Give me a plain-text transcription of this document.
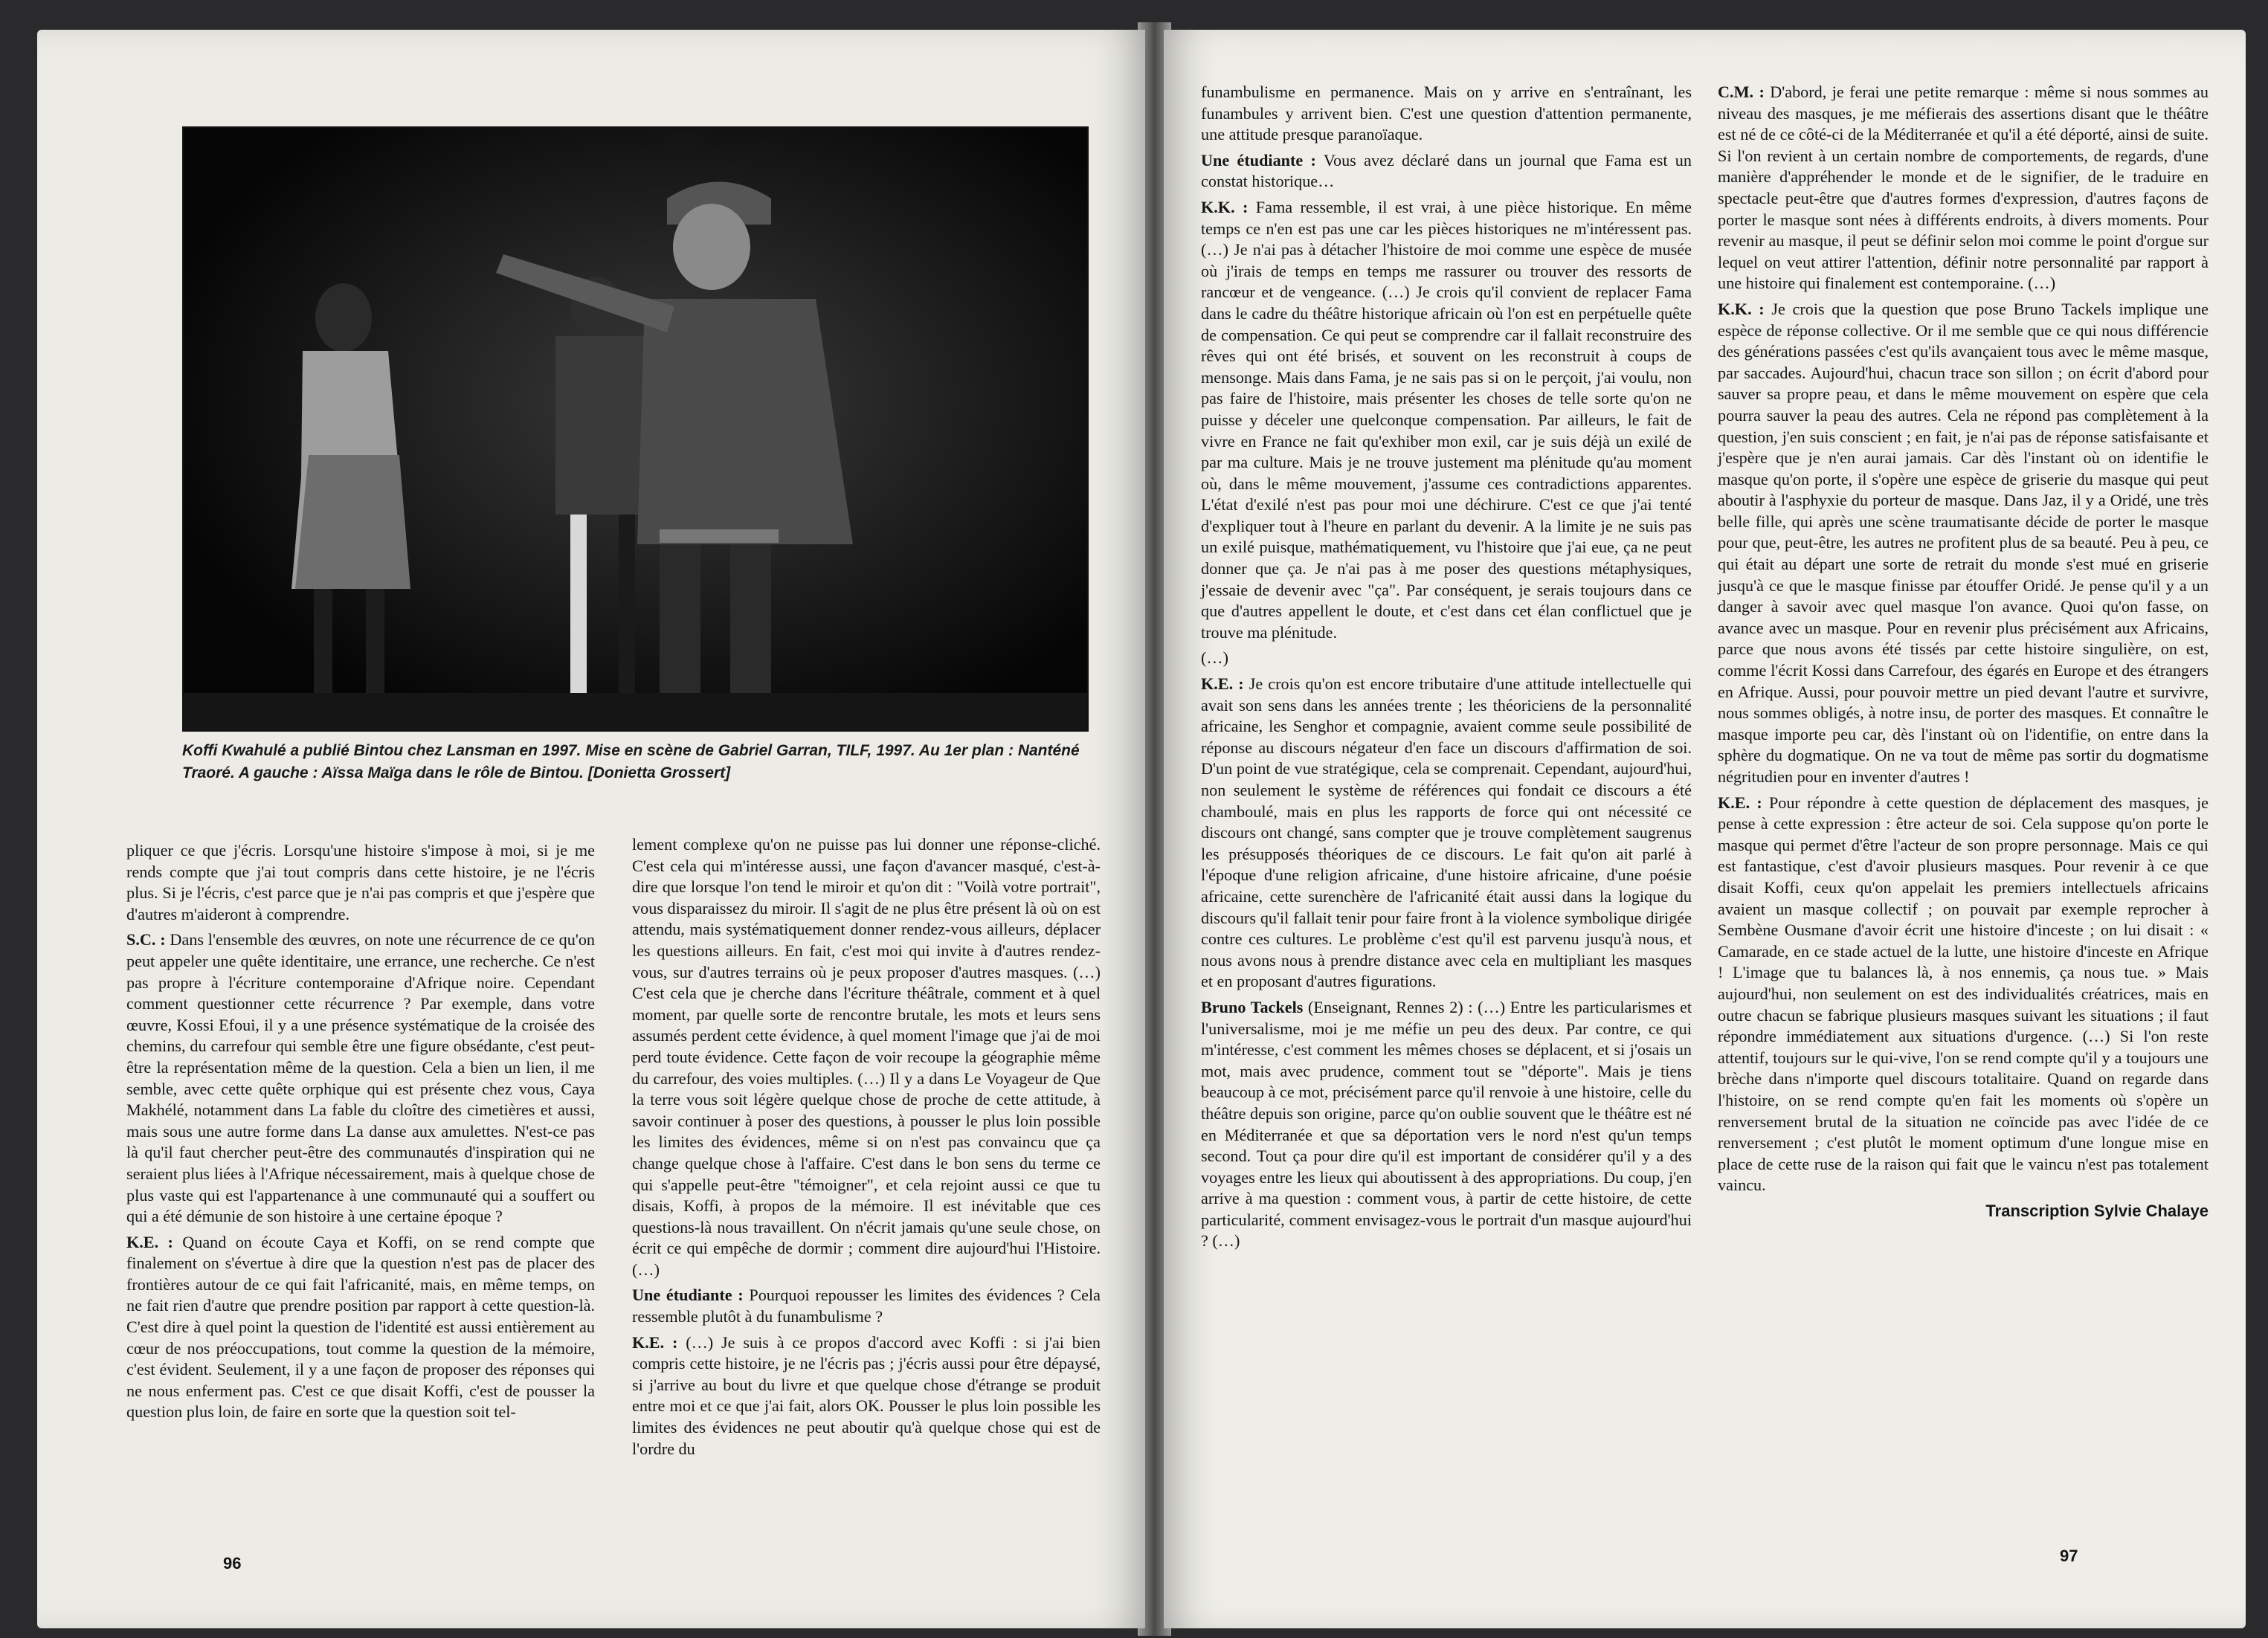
Koffi Kwahulé a publié Bintou chez Lansman en 1997. Mise en scène de Gabriel Garran, TILF, 1997. Au 1er plan : Nanténé Traoré. A gauche : Aïssa Maïga dans le rôle de Bintou. [Donietta Grossert]

pliquer ce que j'écris. Lorsqu'une histoire s'impose à moi, si je me rends compte que j'ai tout compris dans cette histoire, je ne l'écris plus. Si je l'écris, c'est parce que je n'ai pas compris et que j'espère que d'autres m'aideront à comprendre.

S.C. : Dans l'ensemble des œuvres, on note une récurrence de ce qu'on peut appeler une quête identitaire, une errance, une recherche. Ce n'est pas propre à l'écriture contemporaine d'Afrique noire. Cependant comment questionner cette récurrence ? Par exemple, dans votre œuvre, Kossi Efoui, il y a une présence systématique de la croisée des chemins, du carrefour qui semble être une figure obsédante, c'est peut-être la représentation même de la question. Cela a bien un lien, il me semble, avec cette quête orphique qui est présente chez vous, Caya Makhélé, notamment dans La fable du cloître des cimetières et aussi, mais sous une autre forme dans La danse aux amulettes. N'est-ce pas là qu'il faut chercher peut-être des communautés d'inspiration qui ne seraient plus liées à l'Afrique nécessairement, mais à quelque chose de plus vaste qui est l'appartenance à une communauté qui a souffert ou qui a été démunie de son histoire à une certaine époque ?

K.E. : Quand on écoute Caya et Koffi, on se rend compte que finalement on s'évertue à dire que la question n'est pas de placer des frontières autour de ce qui fait l'africanité, mais, en même temps, on ne fait rien d'autre que prendre position par rapport à cette question-là. C'est dire à quel point la question de l'identité est aussi entièrement au cœur de nos préoccupations, tout comme la question de la mémoire, c'est évident. Seulement, il y a une façon de proposer des réponses qui ne nous enferment pas. C'est ce que disait Koffi, c'est de pousser la question plus loin, de faire en sorte que la question soit tel-

lement complexe qu'on ne puisse pas lui donner une réponse-cliché. C'est cela qui m'intéresse aussi, une façon d'avancer masqué, c'est-à-dire que lorsque l'on tend le miroir et qu'on dit : "Voilà votre portrait", vous disparaissez du miroir. Il s'agit de ne plus être présent là où on est attendu, mais systématiquement donner rendez-vous ailleurs, déplacer les questions ailleurs. En fait, c'est moi qui invite à d'autres rendez-vous, sur d'autres terrains où je peux proposer d'autres masques. (…) C'est cela que je cherche dans l'écriture théâtrale, comment et à quel moment, par quelle sorte de rencontre brutale, les mots et leurs sens assumés perdent cette évidence, à quel moment l'image que j'ai de moi perd toute évidence. Cette façon de voir recoupe la géographie même du carrefour, des voies multiples. (…) Il y a dans Le Voyageur de Que la terre vous soit légère quelque chose de proche de cette attitude, à savoir continuer à poser des questions, à pousser le plus loin possible les limites des évidences, même si on n'est pas convaincu que ça change quelque chose à l'affaire. C'est dans le bon sens du terme ce qui s'appelle peut-être "témoigner", et cela rejoint aussi ce que tu disais, Koffi, à propos de la mémoire. Il est inévitable que ces questions-là nous travaillent. On n'écrit jamais qu'une seule chose, on écrit ce qui empêche de dormir ; comment dire aujourd'hui l'Histoire. (…)

Une étudiante : Pourquoi repousser les limites des évidences ? Cela ressemble plutôt à du funambulisme ?

K.E. : (…) Je suis à ce propos d'accord avec Koffi : si j'ai bien compris cette histoire, je ne l'écris pas ; j'écris aussi pour être dépaysé, si j'arrive au bout du livre et que quelque chose d'étrange se produit entre moi et ce que j'ai fait, alors OK. Pousser le plus loin possible les limites des évidences ne peut aboutir qu'à quelque chose qui est de l'ordre du

96

funambulisme en permanence. Mais on y arrive en s'entraînant, les funambules y arrivent bien. C'est une question d'attention permanente, une attitude presque paranoïaque.

Une étudiante : Vous avez déclaré dans un journal que Fama est un constat historique…

K.K. : Fama ressemble, il est vrai, à une pièce historique. En même temps ce n'en est pas une car les pièces historiques ne m'intéressent pas. (…) Je n'ai pas à détacher l'histoire de moi comme une espèce de musée où j'irais de temps en temps me rassurer ou trouver des ressorts de rancœur et de vengeance. (…) Je crois qu'il convient de replacer Fama dans le cadre du théâtre historique africain où l'on est en perpétuelle quête de compensation. Ce qui peut se comprendre car il fallait reconstruire des rêves qui ont été brisés, et souvent on les reconstruit à coups de mensonge. Mais dans Fama, je ne sais pas si on le perçoit, j'ai voulu, non pas faire de l'histoire, mais présenter les choses de telle sorte qu'on ne puisse y déceler une quelconque compensation. Par ailleurs, le fait de vivre en France ne fait qu'exhiber mon exil, car je suis déjà un exilé de par ma culture. Mais je ne trouve justement ma plénitude qu'au moment où, dans le même mouvement, j'assume ces contradictions apparentes. L'état d'exilé n'est pas pour moi une déchirure. C'est ce que j'ai tenté d'expliquer tout à l'heure en parlant du devenir. A la limite je ne suis pas un exilé puisque, mathématiquement, vu l'histoire que j'ai eue, ça ne peut donner que ça. Je n'ai pas à me poser des questions métaphysiques, j'essaie de devenir avec "ça". Par conséquent, je serais toujours dans ce que d'autres appellent le doute, et c'est dans cet élan conflictuel que je trouve ma plénitude.

(…)

K.E. : Je crois qu'on est encore tributaire d'une attitude intellectuelle qui avait son sens dans les années trente ; les théoriciens de la personnalité africaine, les Senghor et compagnie, avaient comme seule possibilité de réponse au discours négateur d'en face un discours d'affirmation de soi. D'un point de vue stratégique, cela se comprenait. Cependant, aujourd'hui, non seulement le système de références qui fondait ce discours a été chamboulé, mais en plus les rapports de force qui ont nécessité ce discours ont changé, sans compter que je trouve complètement saugrenus les présupposés théoriques de ce discours. Le fait qu'on ait parlé à l'époque d'une religion africaine, d'une histoire africaine, d'une poésie africaine, cette surenchère de l'africanité était aussi dans la logique du discours qu'il fallait tenir pour faire front à la violence symbolique dirigée contre ces cultures. Le problème c'est qu'il est parvenu jusqu'à nous, et nous avons nous à prendre distance avec cela en multipliant les masques et en proposant d'autres figurations.

Bruno Tackels (Enseignant, Rennes 2) : (…) Entre les particularismes et l'universalisme, moi je me méfie un peu des deux. Par contre, ce qui m'intéresse, c'est comment les mêmes choses se déplacent, et si j'osais un mot, mais avec prudence, comment tout se "déporte". Mais je tiens beaucoup à ce mot, précisément parce qu'il renvoie à une histoire, celle du théâtre depuis son origine, parce qu'on oublie souvent que le théâtre est né en Méditerranée et que sa déportation vers le nord n'est qu'un temps second. Tout ça pour dire qu'il est important de considérer qu'il y a des voyages entre les lieux qui aboutissent à des appropriations. Du coup, j'en arrive à ma question : comment vous, à partir de cette histoire, de cette particularité, comment envisagez-vous le portrait d'un masque aujourd'hui ? (…)

C.M. : D'abord, je ferai une petite remarque : même si nous sommes au niveau des masques, je me méfierais des assertions disant que le théâtre est né de ce côté-ci de la Méditerranée et qu'il a été déporté, ainsi de suite. Si l'on revient à un certain nombre de comportements, de regards, d'une manière d'appréhender le monde et de le signifier, de le traduire en spectacle peut-être que d'autres formes d'expression, d'autres façons de porter le masque sont nées à différents endroits, à divers moments. Pour revenir au masque, il peut se définir selon moi comme le point d'orgue sur lequel on veut attirer l'attention, définir notre personnalité par rapport à une histoire qui finalement est contemporaine. (…)

K.K. : Je crois que la question que pose Bruno Tackels implique une espèce de réponse collective. Or il me semble que ce qui nous différencie des générations passées c'est qu'ils avançaient tous avec le même masque, par saccades. Aujourd'hui, chacun trace son sillon ; on écrit d'abord pour sauver sa propre peau, et dans le même mouvement on espère que cela pourra sauver la peau des autres. Cela ne répond pas complètement à la question, j'en suis conscient ; en fait, je n'ai pas de réponse satisfaisante et j'espère que je n'en aurai jamais. Car dès l'instant où on identifie le masque qu'on porte, il s'opère une espèce de griserie du masque qui peut aboutir à l'asphyxie du porteur de masque. Dans Jaz, il y a Oridé, une très belle fille, qui après une scène traumatisante décide de porter le masque pour que, peut-être, les autres ne profitent plus de sa beauté. Peu à peu, ce qui était au départ une sorte de retrait du monde s'est mué en griserie jusqu'à ce que le masque finisse par étouffer Oridé. Je pense qu'il y a un danger à savoir avec quel masque l'on avance. Quoi qu'on fasse, on avance avec un masque. Pour en revenir plus précisément aux Africains, parce que nous avons été tissés par cette histoire singulière, on est, comme l'écrit Kossi dans Carrefour, des égarés en Europe et des étrangers en Afrique. Aussi, pour pouvoir mettre un pied devant l'autre et survivre, nous sommes obligés, à notre insu, de porter des masques. Et connaître le masque importe peu car, dès l'instant où on l'identifie, on entre dans la sphère du dogmatique. On ne va tout de même pas sortir du dogmatisme négritudien pour en inventer d'autres !

K.E. : Pour répondre à cette question de déplacement des masques, je pense à cette expression : être acteur de soi. Cela suppose qu'on porte le masque qui permet d'être l'acteur de son propre personnage. Mais ce qui est fantastique, c'est d'avoir plusieurs masques. Pour revenir à ce que disait Koffi, ceux qu'on appelait les premiers intellectuels africains avaient un masque collectif ; on pouvait par exemple reprocher à Sembène Ousmane d'avoir écrit une histoire d'inceste ; on lui disait : « Camarade, en ce stade actuel de la lutte, une histoire d'inceste en Afrique ! L'image que tu balances là, à nos ennemis, ça nous tue. » Mais aujourd'hui, non seulement on est des individualités créatrices, mais en outre chacun se fabrique plusieurs masques suivant les situations ; il faut répondre immédiatement aux situations d'urgence. (…) Si l'on reste attentif, toujours sur le qui-vive, l'on se rend compte qu'il y a toujours une brèche dans n'importe quel discours totalitaire. Quand on regarde dans l'histoire, on se rend compte qu'en fait les moments où s'opère un renversement brutal de la situation ne coïncide pas avec l'idée de ce renversement ; c'est plutôt le moment optimum d'une longue mise en place de cette ruse de la raison qui fait que le vaincu n'est pas totalement vaincu.

Transcription Sylvie Chalaye
97
